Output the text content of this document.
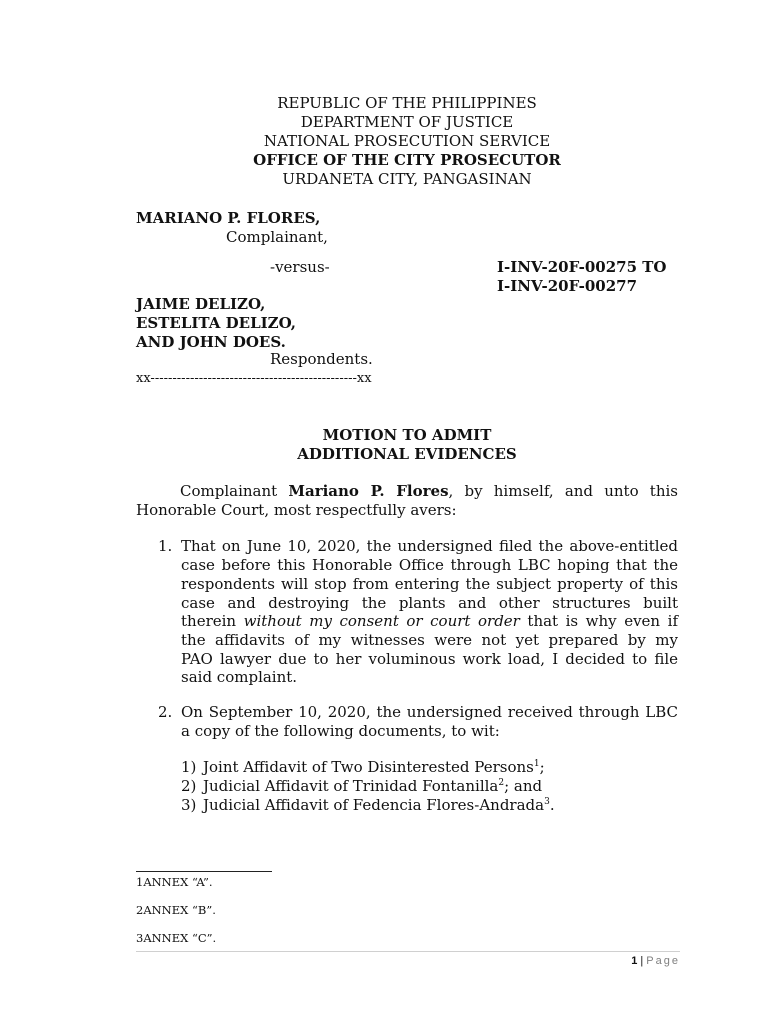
REPUBLIC OF THE PHILIPPINES
DEPARTMENT OF JUSTICE
NATIONAL PROSECUTION SERVICE
OFFICE OF THE CITY PROSECUTOR
URDANETA CITY, PANGASINAN
MARIANO P. FLORES,
Complainant,
-versus-	I-INV-20F-00275 TO
I-INV-20F-00277
JAIME DELIZO,
ESTELITA DELIZO,
AND JOHN DOES.
Respondents.
xx-----------------------------------------------xx
MOTION TO ADMIT
ADDITIONAL EVIDENCES
Complainant Mariano P. Flores, by himself, and unto this
Honorable Court, most respectfully avers:
1. That on June 10, 2020, the undersigned filed the above-entitled
case before this Honorable Office through LBC hoping that the
respondents will stop from entering the subject property of this
case and destroying the plants and other structures built
therein without my consent or court order that is why even if
the affidavits of my witnesses were not yet prepared by my
PAO lawyer due to her voluminous work load, I decided to file
said complaint.
2. On September 10, 2020, the undersigned received through LBC
a copy of the following documents, to wit:
1) Joint Affidavit of Two Disinterested Persons$^1$;
2) Judicial Affidavit of Trinidad Fontanilla$^2$; and
3) Judicial Affidavit of Fedencia Flores-Andrada$^3$.
1ANNEX “A”.
2ANNEX “B”.
3ANNEX “C”.
1 | Page
